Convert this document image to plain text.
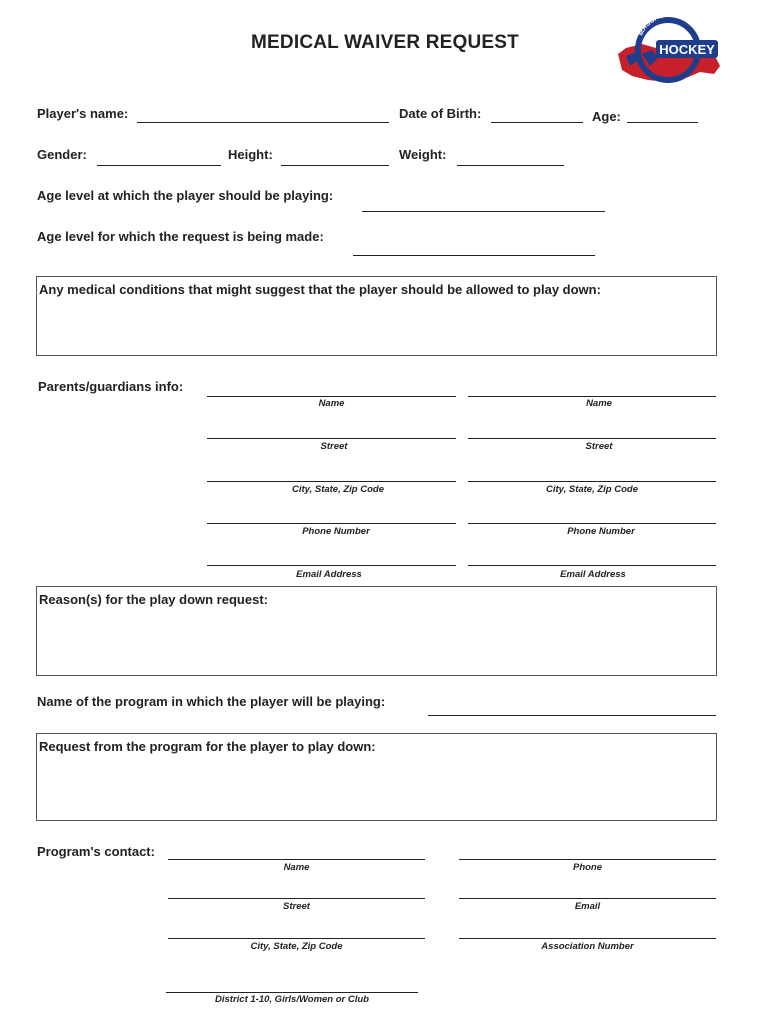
MEDICAL WAIVER REQUEST	HOCKEY
MASSACHUSETTS
Player's name:	Date of Birth:	Age:
Gender:	Height:	Weight:
Age level at which the player should be playing:
Age level for which the request is being made:
Any medical conditions that might suggest that the player should be allowed to play down:
Parents/guardians info:
Name	Name
Street	Street
City, State, Zip Code	City, State, Zip Code
Phone Number	Phone Number
Email Address	Email Address
Reason(s) for the play down request:
Name of the program in which the player will be playing:
Request from the program for the player to play down:
Program's contact:
Name	Phone
Street	Email
City, State, Zip Code	Association Number
District 1-10, Girls/Women or Club
